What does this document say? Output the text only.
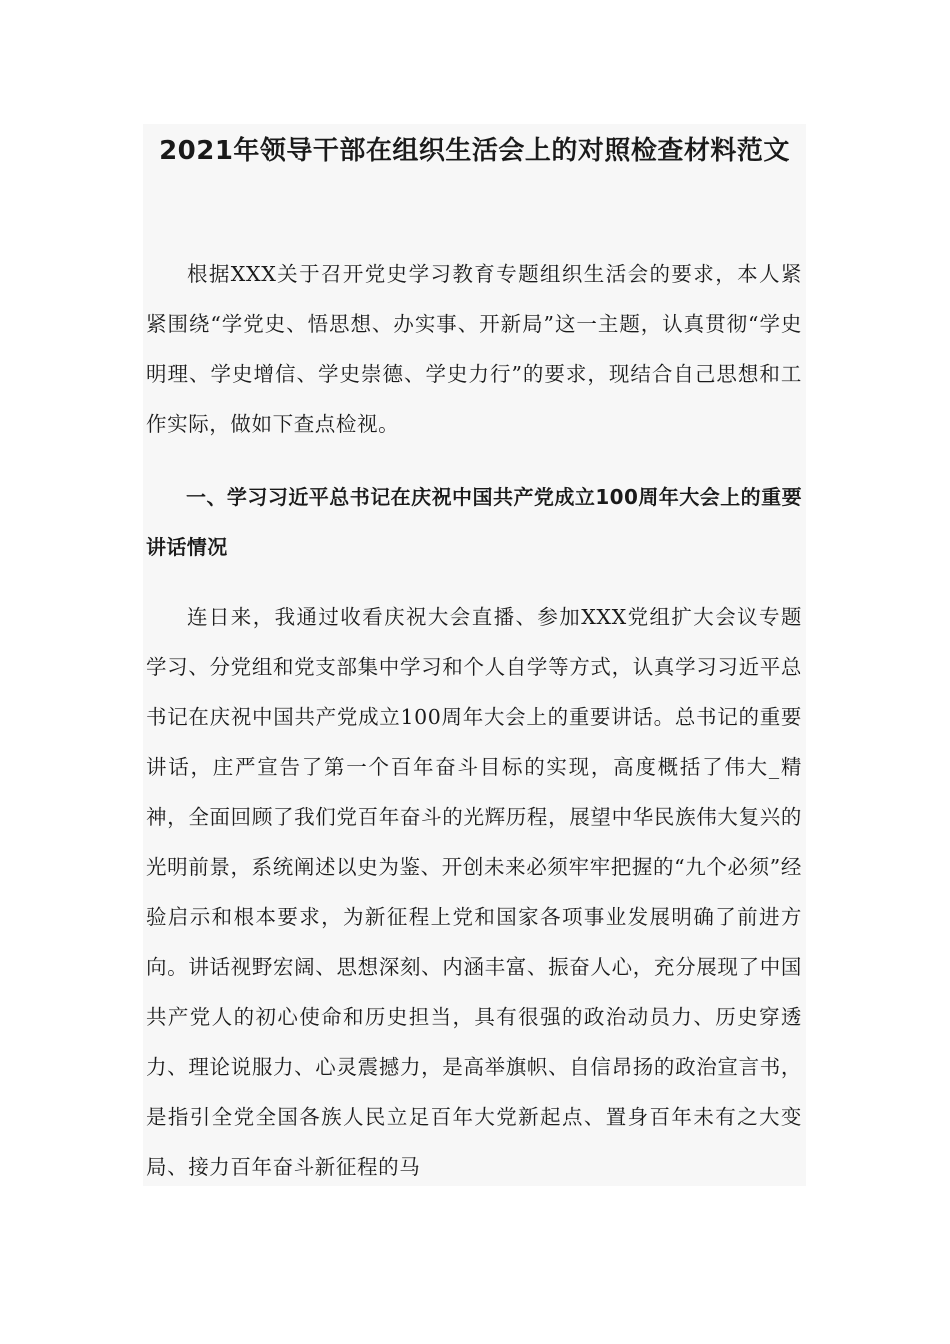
2021年领导干部在组织生活会上的对照检查材料范文

根据XXX关于召开党史学习教育专题组织生活会的要求，本人紧紧围绕“学党史、悟思想、办实事、开新局”这一主题，认真贯彻“学史明理、学史增信、学史崇德、学史力行”的要求，现结合自己思想和工作实际，做如下查点检视。

一、学习习近平总书记在庆祝中国共产党成立100周年大会上的重要讲话情况

连日来，我通过收看庆祝大会直播、参加XXX党组扩大会议专题学习、分党组和党支部集中学习和个人自学等方式，认真学习习近平总书记在庆祝中国共产党成立100周年大会上的重要讲话。总书记的重要讲话，庄严宣告了第一个百年奋斗目标的实现，高度概括了伟大_精神，全面回顾了我们党百年奋斗的光辉历程，展望中华民族伟大复兴的光明前景，系统阐述以史为鉴、开创未来必须牢牢把握的“九个必须”经验启示和根本要求，为新征程上党和国家各项事业发展明确了前进方向。讲话视野宏阔、思想深刻、内涵丰富、振奋人心，充分展现了中国共产党人的初心使命和历史担当，具有很强的政治动员力、历史穿透力、理论说服力、心灵震撼力，是高举旗帜、自信昂扬的政治宣言书，是指引全党全国各族人民立足百年大党新起点、置身百年未有之大变局、接力百年奋斗新征程的马
